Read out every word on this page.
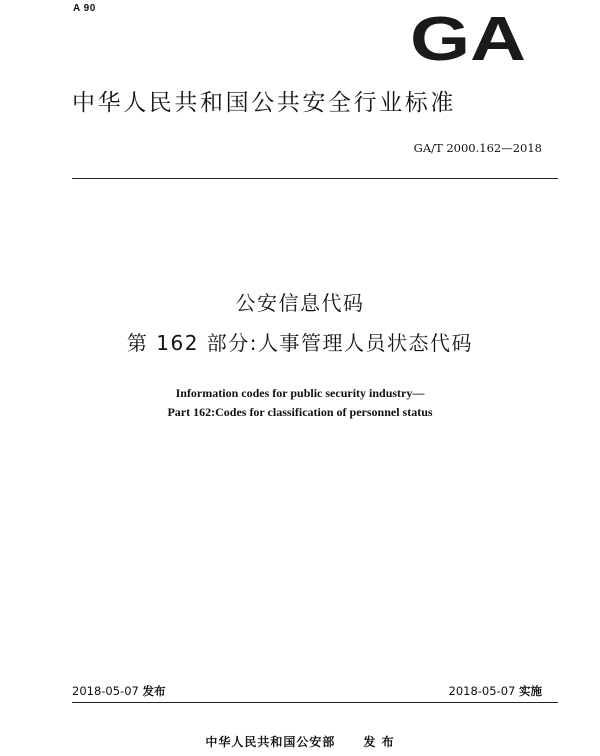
A 90	GA
中华人民共和国公共安全行业标准
GA/T 2000.162—2018
公安信息代码
第 162 部分:人事管理人员状态代码
Information codes for public security industry—
Part 162:Codes for classification of personnel status
2018-05-07 发布	2018-05-07 实施
中华人民共和国公安部 发 布
